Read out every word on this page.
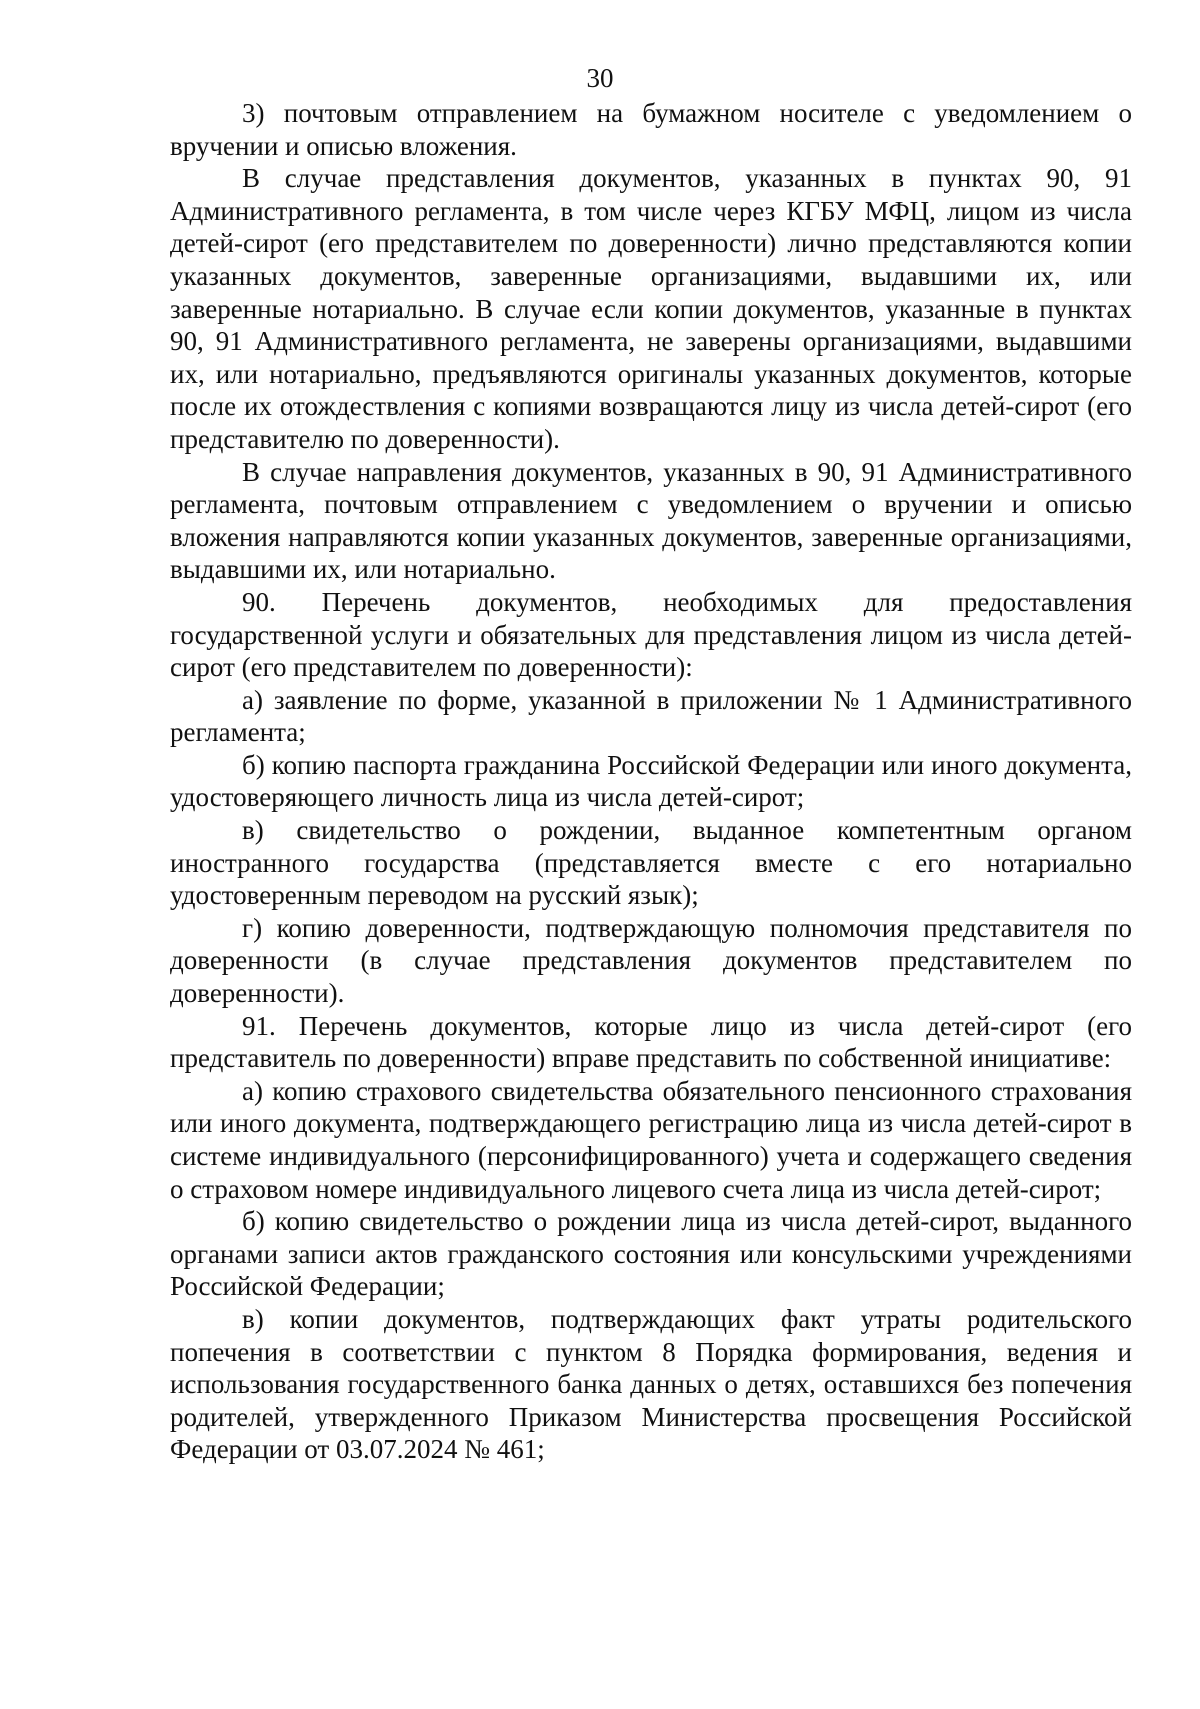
30

3) почтовым отправлением на бумажном носителе с уведомлением о вручении и описью вложения.

В случае представления документов, указанных в пунктах 90, 91 Административного регламента, в том числе через КГБУ МФЦ, лицом из числа детей-сирот (его представителем по доверенности) лично представляются копии указанных документов, заверенные организациями, выдавшими их, или заверенные нотариально. В случае если копии документов, указанные в пунктах 90, 91 Административного регламента, не заверены организациями, выдавшими их, или нотариально, предъявляются оригиналы указанных документов, которые после их отождествления с копиями возвращаются лицу из числа детей-сирот (его представителю по доверенности).

В случае направления документов, указанных в 90, 91 Административного регламента, почтовым отправлением с уведомлением о вручении и описью вложения направляются копии указанных документов, заверенные организациями, выдавшими их, или нотариально.

90. Перечень документов, необходимых для предоставления государственной услуги и обязательных для представления лицом из числа детей-сирот (его представителем по доверенности):

а) заявление по форме, указанной в приложении № 1 Административного регламента;

б) копию паспорта гражданина Российской Федерации или иного документа, удостоверяющего личность лица из числа детей-сирот;

в) свидетельство о рождении, выданное компетентным органом иностранного государства (представляется вместе с его нотариально удостоверенным переводом на русский язык);

г) копию доверенности, подтверждающую полномочия представителя по доверенности (в случае представления документов представителем по доверенности).

91. Перечень документов, которые лицо из числа детей-сирот (его представитель по доверенности) вправе представить по собственной инициативе:

а) копию страхового свидетельства обязательного пенсионного страхования или иного документа, подтверждающего регистрацию лица из числа детей-сирот в системе индивидуального (персонифицированного) учета и содержащего сведения о страховом номере индивидуального лицевого счета лица из числа детей-сирот;

б) копию свидетельство о рождении лица из числа детей-сирот, выданного органами записи актов гражданского состояния или консульскими учреждениями Российской Федерации;

в) копии документов, подтверждающих факт утраты родительского попечения в соответствии с пунктом 8 Порядка формирования, ведения и использования государственного банка данных о детях, оставшихся без попечения родителей, утвержденного Приказом Министерства просвещения Российской Федерации от 03.07.2024 № 461;
